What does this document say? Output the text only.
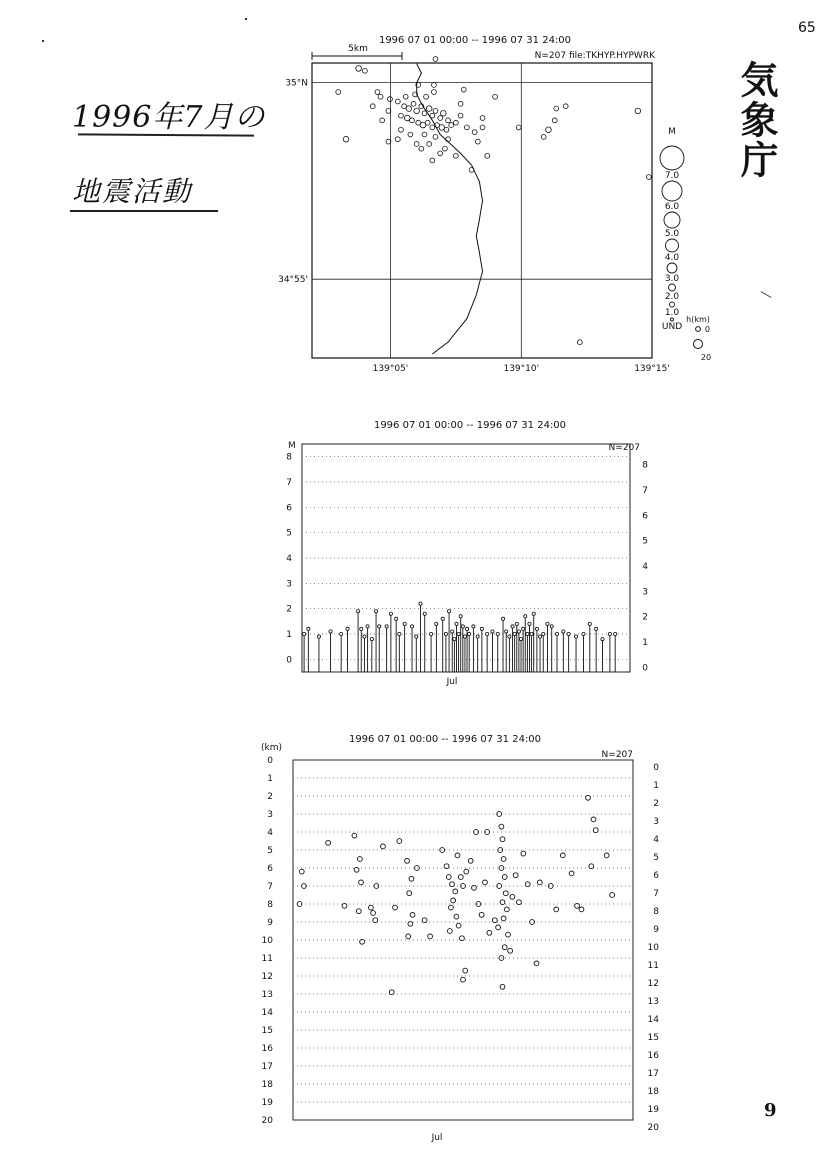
1996年7月の
地震活動
気象庁
65
9
1996 07 01 00:00 -- 1996 07 31 24:00
N=207 file:TKHYP.HYPWRK
5km
139°05'	139°10'	139°15'
35°N
34°55'
M
7.0
6.0
5.0
4.0
3.0
2.0
1.0
UND
h(km)
0
20
1996 07 01 00:00 -- 1996 07 31 24:00
N=207
M
Jul
0
0
1
1
2
2
3
3
4
4
5
5
6
6
7
7
8
8
1996 07 01 00:00 -- 1996 07 31 24:00
N=207
(km)
Jul
0
0
1
1
2
2
3
3
4
4
5
5
6
6
7
7
8
8
9
9
10
10
11
11
12
12
13
13
14
14
15
15
16
16
17
17
18
18
19
19
20
20
